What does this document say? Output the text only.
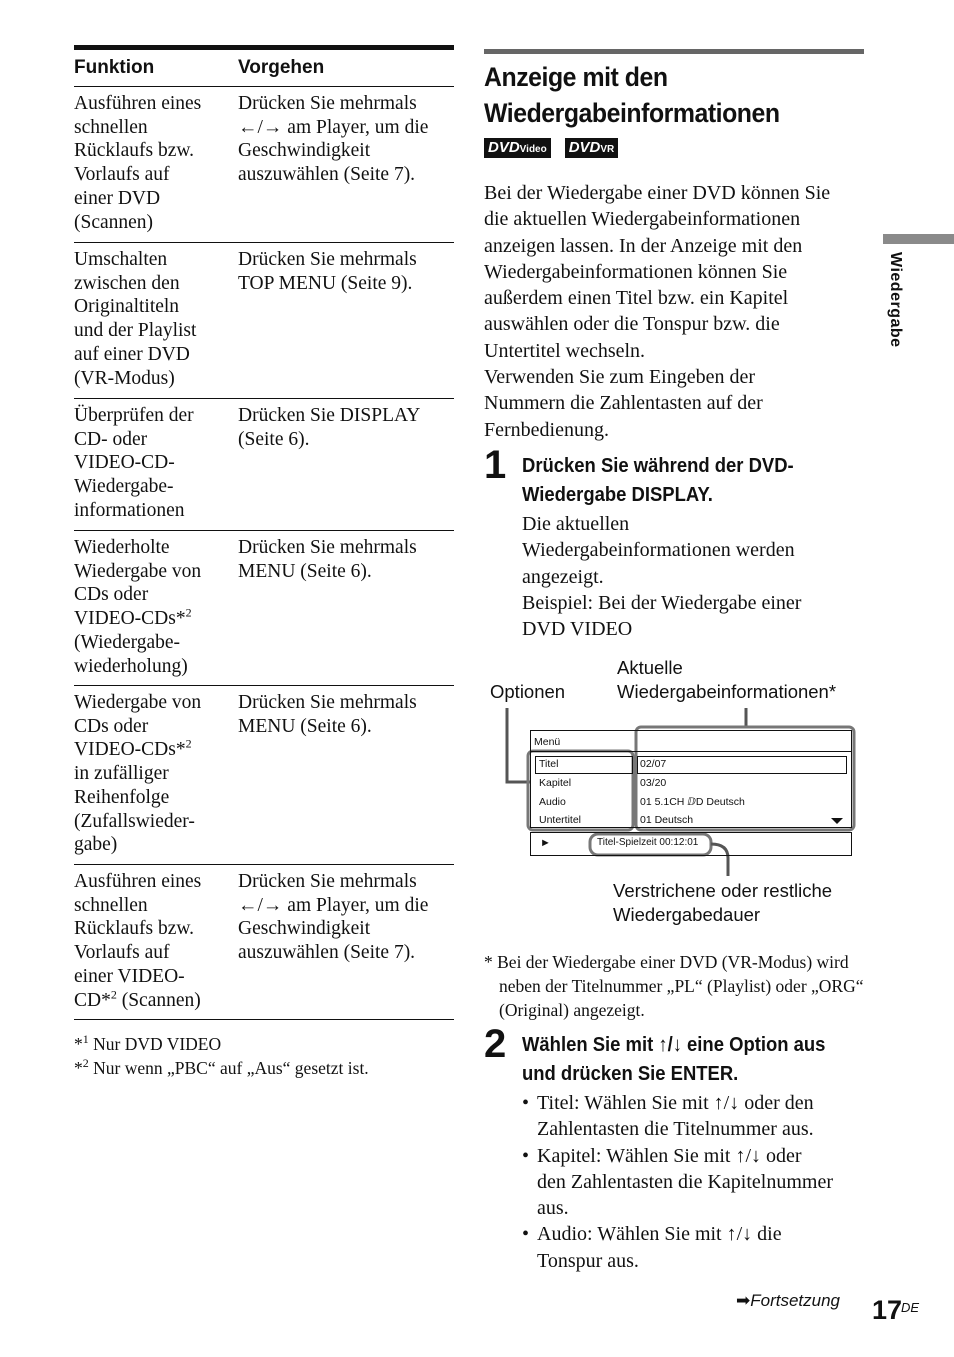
Funktion	Vorgehen
Ausführen eines
schnellen
Rücklaufs bzw.
Vorlaufs auf
einer DVD
(Scannen)
Drücken Sie mehrmals
←/→ am Player, um die
Geschwindigkeit
auszuwählen (Seite 7).
Umschalten
zwischen den
Originaltiteln
und der Playlist
auf einer DVD
(VR-Modus)
Drücken Sie mehrmals
TOP MENU (Seite 9).
Überprüfen der
CD- oder
VIDEO-CD-
Wiedergabe-
informationen
Drücken Sie DISPLAY
(Seite 6).
Wiederholte
Wiedergabe von
CDs oder
VIDEO-CDs*$^2$
(Wiedergabe-
wiederholung)
Drücken Sie mehrmals
MENU (Seite 6).
Wiedergabe von
CDs oder
VIDEO-CDs*$^2$
in zufälliger
Reihenfolge
(Zufallswieder-
gabe)
Drücken Sie mehrmals
MENU (Seite 6).
Ausführen eines
schnellen
Rücklaufs bzw.
Vorlaufs auf
einer VIDEO-
CD*$^2$ (Scannen)
Drücken Sie mehrmals
←/→ am Player, um die
Geschwindigkeit
auszuwählen (Seite 7).
*$^1$ Nur DVD VIDEO
*$^2$ Nur wenn „PBC“ auf „Aus“ gesetzt ist.
Anzeige mit den
Wiedergabeinformationen
DVDVideo DVDVR
Bei der Wiedergabe einer DVD können Sie
die aktuellen Wiedergabeinformationen
anzeigen lassen. In der Anzeige mit den
Wiedergabeinformationen können Sie
außerdem einen Titel bzw. ein Kapitel
auswählen oder die Tonspur bzw. die
Untertitel wechseln.
Verwenden Sie zum Eingeben der
Nummern die Zahlentasten auf der
Fernbedienung.
1 Drücken Sie während der DVD-
Wiedergabe DISPLAY.
Die aktuellen
Wiedergabeinformationen werden
angezeigt.
Beispiel: Bei der Wiedergabe einer
DVD VIDEO
Optionen
Aktuelle
Wiedergabeinformationen*
Menü
Titel
Kapitel
Audio
Untertitel
02/07
03/20
01 5.1CH ⅅD Deutsch
01 Deutsch
►	Titel-Spielzeit 00:12:01
Verstrichene oder restliche
Wiedergabedauer
* Bei der Wiedergabe einer DVD (VR-Modus) wird neben der Titelnummer „PL“ (Playlist) oder „ORG“ (Original) angezeigt.
2 Wählen Sie mit ↑/↓ eine Option aus
und drücken Sie ENTER.
• Titel: Wählen Sie mit ↑/↓ oder den
Zahlentasten die Titelnummer aus.
• Kapitel: Wählen Sie mit ↑/↓ oder
den Zahlentasten die Kapitelnummer
aus.
• Audio: Wählen Sie mit ↑/↓ die
Tonspur aus.
Wiedergabe
➡Fortsetzung 17
DE
